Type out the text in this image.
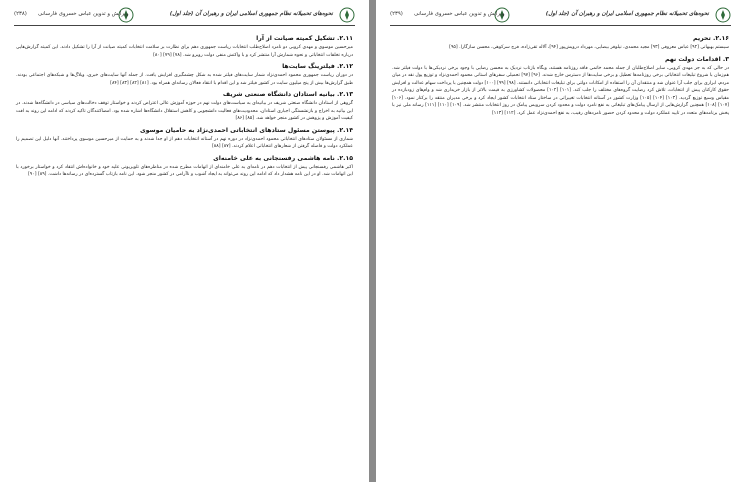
نحوه‌های تحمیلانه نظام جمهوری اسلامی ایران و رهبران آن (جلد اول)
ویرایش و تدوین عباس خسروی فارسانی
(۲۳۸)
۲.۱۱. تشکیل کمیته صیانت از آرا
میرحسین موسوی و مهدی کروبی دو نامزد اصلاح‌طلب انتخابات ریاست جمهوری دهم برای نظارت بر سلامت انتخابات کمیته صیانت از آرا را تشکیل دادند. این کمیته گزارش‌هایی درباره تخلفات انتخاباتی و نحوه شمارش آرا منتشر کرد و با واکنش منفی دولت روبرو شد. [۷۸] [۷۹] [۸۰]
۲.۱۲. فیلترینگ سایت‌ها
در دوران ریاست جمهوری محمود احمدی‌نژاد شمار سایت‌های فیلتر شده به شکل چشمگیری افزایش یافت. از جمله آنها سایت‌های خبری، وبلاگ‌ها و شبکه‌های اجتماعی بودند. طبق گزارش‌ها بیش از پنج میلیون سایت در کشور فیلتر شد و این اقدام با انتقاد فعالان رسانه‌ای همراه بود. [۸۱] [۸۲] [۸۳] [۸۴]
۲.۱۳. بیانیه استادان دانشگاه صنعتی شریف
گروهی از استادان دانشگاه صنعتی شریف در بیانیه‌ای به سیاست‌های دولت نهم در حوزه آموزش عالی اعتراض کردند و خواستار توقف دخالت‌های سیاسی در دانشگاه‌ها شدند. در این بیانیه به اخراج و بازنشستگی اجباری استادان، محدودیت‌های فعالیت دانشجویی و کاهش استقلال دانشگاه‌ها اشاره شده بود. امضاکنندگان تاکید کردند که ادامه این روند به افت کیفیت آموزش و پژوهش در کشور منجر خواهد شد. [۸۵] [۸۶]
۲.۱۴. پیوستن مسئول ستادهای انتخاباتی احمدی‌نژاد به حامیان موسوی
شماری از مسئولان ستادهای انتخاباتی محمود احمدی‌نژاد در دوره نهم در آستانه انتخابات دهم از او جدا شدند و به حمایت از میرحسین موسوی پرداختند. آنها دلیل این تصمیم را عملکرد دولت و فاصله گرفتن از شعارهای انتخاباتی اعلام کردند. [۸۷] [۸۸]
۲.۱۵. نامه هاشمی رفسنجانی به علی خامنه‌ای
اکبر هاشمی رفسنجانی پیش از انتخابات دهم در نامه‌ای به علی خامنه‌ای از اتهامات مطرح شده در مناظره‌های تلویزیونی علیه خود و خانواده‌اش انتقاد کرد و خواستار برخورد با این اتهامات شد. او در این نامه هشدار داد که ادامه این روند می‌تواند به ایجاد آشوب و ناآرامی در کشور منجر شود. این نامه بازتاب گسترده‌ای در رسانه‌ها داشت. [۸۹] [۹۰]
نحوه‌های تحمیلانه نظام جمهوری اسلامی ایران و رهبران آن (جلد اول)
ویرایش و تدوین عباس خسروی فارسانی
(۲۳۹)
۲.۱۶. تحریم
سیستم بهبهانی [۹۲] عباس معروفی [۹۳] مجید محمدی، نیلوفر بیضایی، مهرداد درویش‌پور [۹۴]، آلاله تقی‌زاده، فرج سرکوهی، محسن سازگارا. [۹۵]
۳. اقدامات دولت نهم
در حالی که به جز مهدی کروبی، سایر اصلاح‌طلبان از جمله محمد خاتمی فاقد روزنامه هستند، وبگاه بازتاب نزدیک به محسن رضایی با وجود برخی نزدیکی‌ها با دولت فیلتر شد. هم‌زمان با شروع تبلیغات انتخاباتی برخی روزنامه‌ها تعطیل و برخی سایت‌ها از دسترس خارج شدند. [۹۶] [۹۷] تحمیلی سفرهای استانی محمود احمدی‌نژاد و توزیع پول نقد در میان مردم، ابزاری برای جلب آرا عنوان شد و منتقدان آن را استفاده از امکانات دولتی برای تبلیغات انتخاباتی دانستند. [۹۸] [۹۹] [۱۰۰] دولت همچنین با پرداخت سهام عدالت و افزایش حقوق کارکنان پیش از انتخابات، تلاش کرد رضایت گروه‌های مختلف را جلب کند. [۱۰۱] [۱۰۲] محصولات کشاورزی به قیمت بالاتر از بازار خریداری شد و وام‌های زودبازده در مقیاس وسیع توزیع گردید. [۱۰۳] [۱۰۴] [۱۰۵] وزارت کشور در آستانه انتخابات تغییراتی در ساختار ستاد انتخابات کشور ایجاد کرد و برخی مدیران منتقد را برکنار نمود. [۱۰۶] [۱۰۷] [۱۰۸] همچنین گزارش‌هایی از ارسال پیامک‌های تبلیغاتی به نفع نامزد دولت و محدود کردن سرویس پیامک در روز انتخابات منتشر شد. [۱۰۹] [۱۱۰] [۱۱۱] رسانه ملی نیز با پخش برنامه‌های متعدد در تایید عملکرد دولت و محدود کردن حضور نامزدهای رقیب، به نفع احمدی‌نژاد عمل کرد. [۱۱۲] [۱۱۳]
